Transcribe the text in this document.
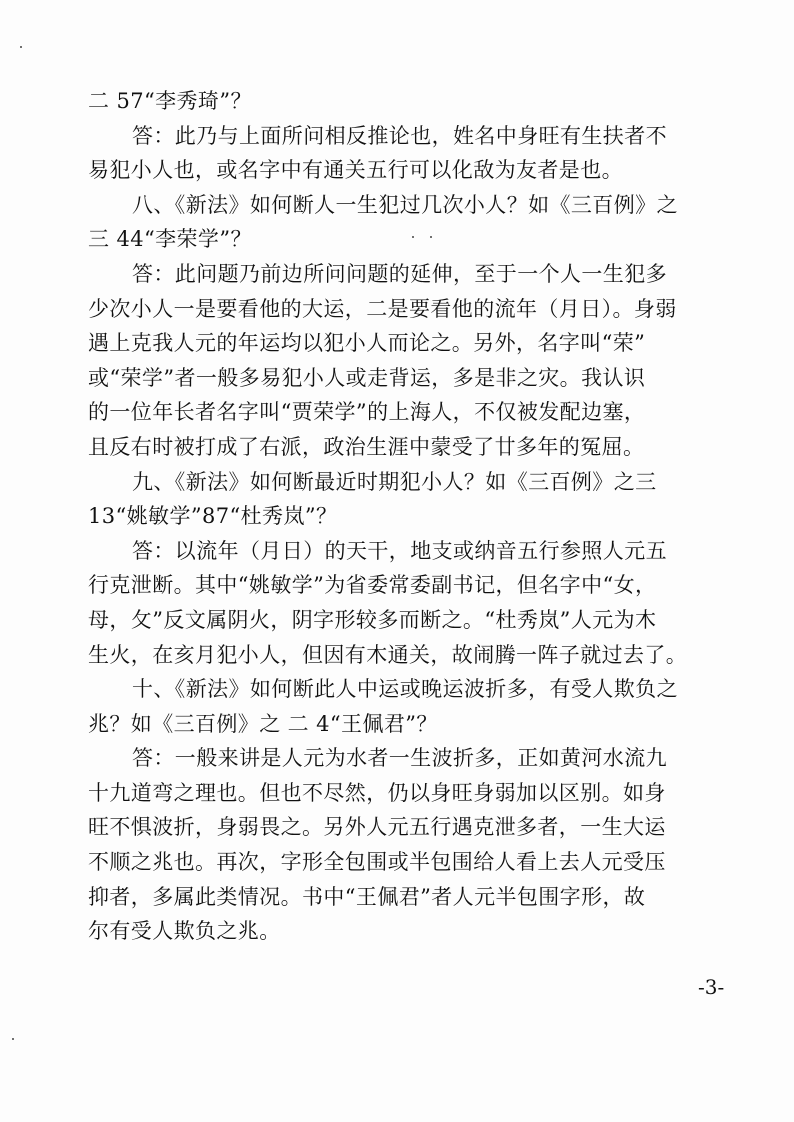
二 57“李秀琦”？
答：此乃与上面所问相反推论也，姓名中身旺有生扶者不
易犯小人也，或名字中有通关五行可以化敌为友者是也。
八、《新法》如何断人一生犯过几次小人？如《三百例》之
三 44“李荣学”？
答：此问题乃前边所问问题的延伸，至于一个人一生犯多
少次小人一是要看他的大运，二是要看他的流年（月日）。身弱
遇上克我人元的年运均以犯小人而论之。另外，名字叫“荣”
或“荣学”者一般多易犯小人或走背运，多是非之灾。我认识
的一位年长者名字叫“贾荣学”的上海人，不仅被发配边塞，
且反右时被打成了右派，政治生涯中蒙受了廿多年的冤屈。
九、《新法》如何断最近时期犯小人？如《三百例》之三
13“姚敏学”87“杜秀岚”？
答：以流年（月日）的天干，地支或纳音五行参照人元五
行克泄断。其中“姚敏学”为省委常委副书记，但名字中“女，
母，攵”反文属阴火，阴字形较多而断之。“杜秀岚”人元为木
生火，在亥月犯小人，但因有木通关，故闹腾一阵子就过去了。
十、《新法》如何断此人中运或晚运波折多，有受人欺负之
兆？如《三百例》之 二 4“王佩君”？
答：一般来讲是人元为水者一生波折多，正如黄河水流九
十九道弯之理也。但也不尽然，仍以身旺身弱加以区别。如身
旺不惧波折，身弱畏之。另外人元五行遇克泄多者，一生大运
不顺之兆也。再次，字形全包围或半包围给人看上去人元受压
抑者，多属此类情况。书中“王佩君”者人元半包围字形，故
尔有受人欺负之兆。
-3-
